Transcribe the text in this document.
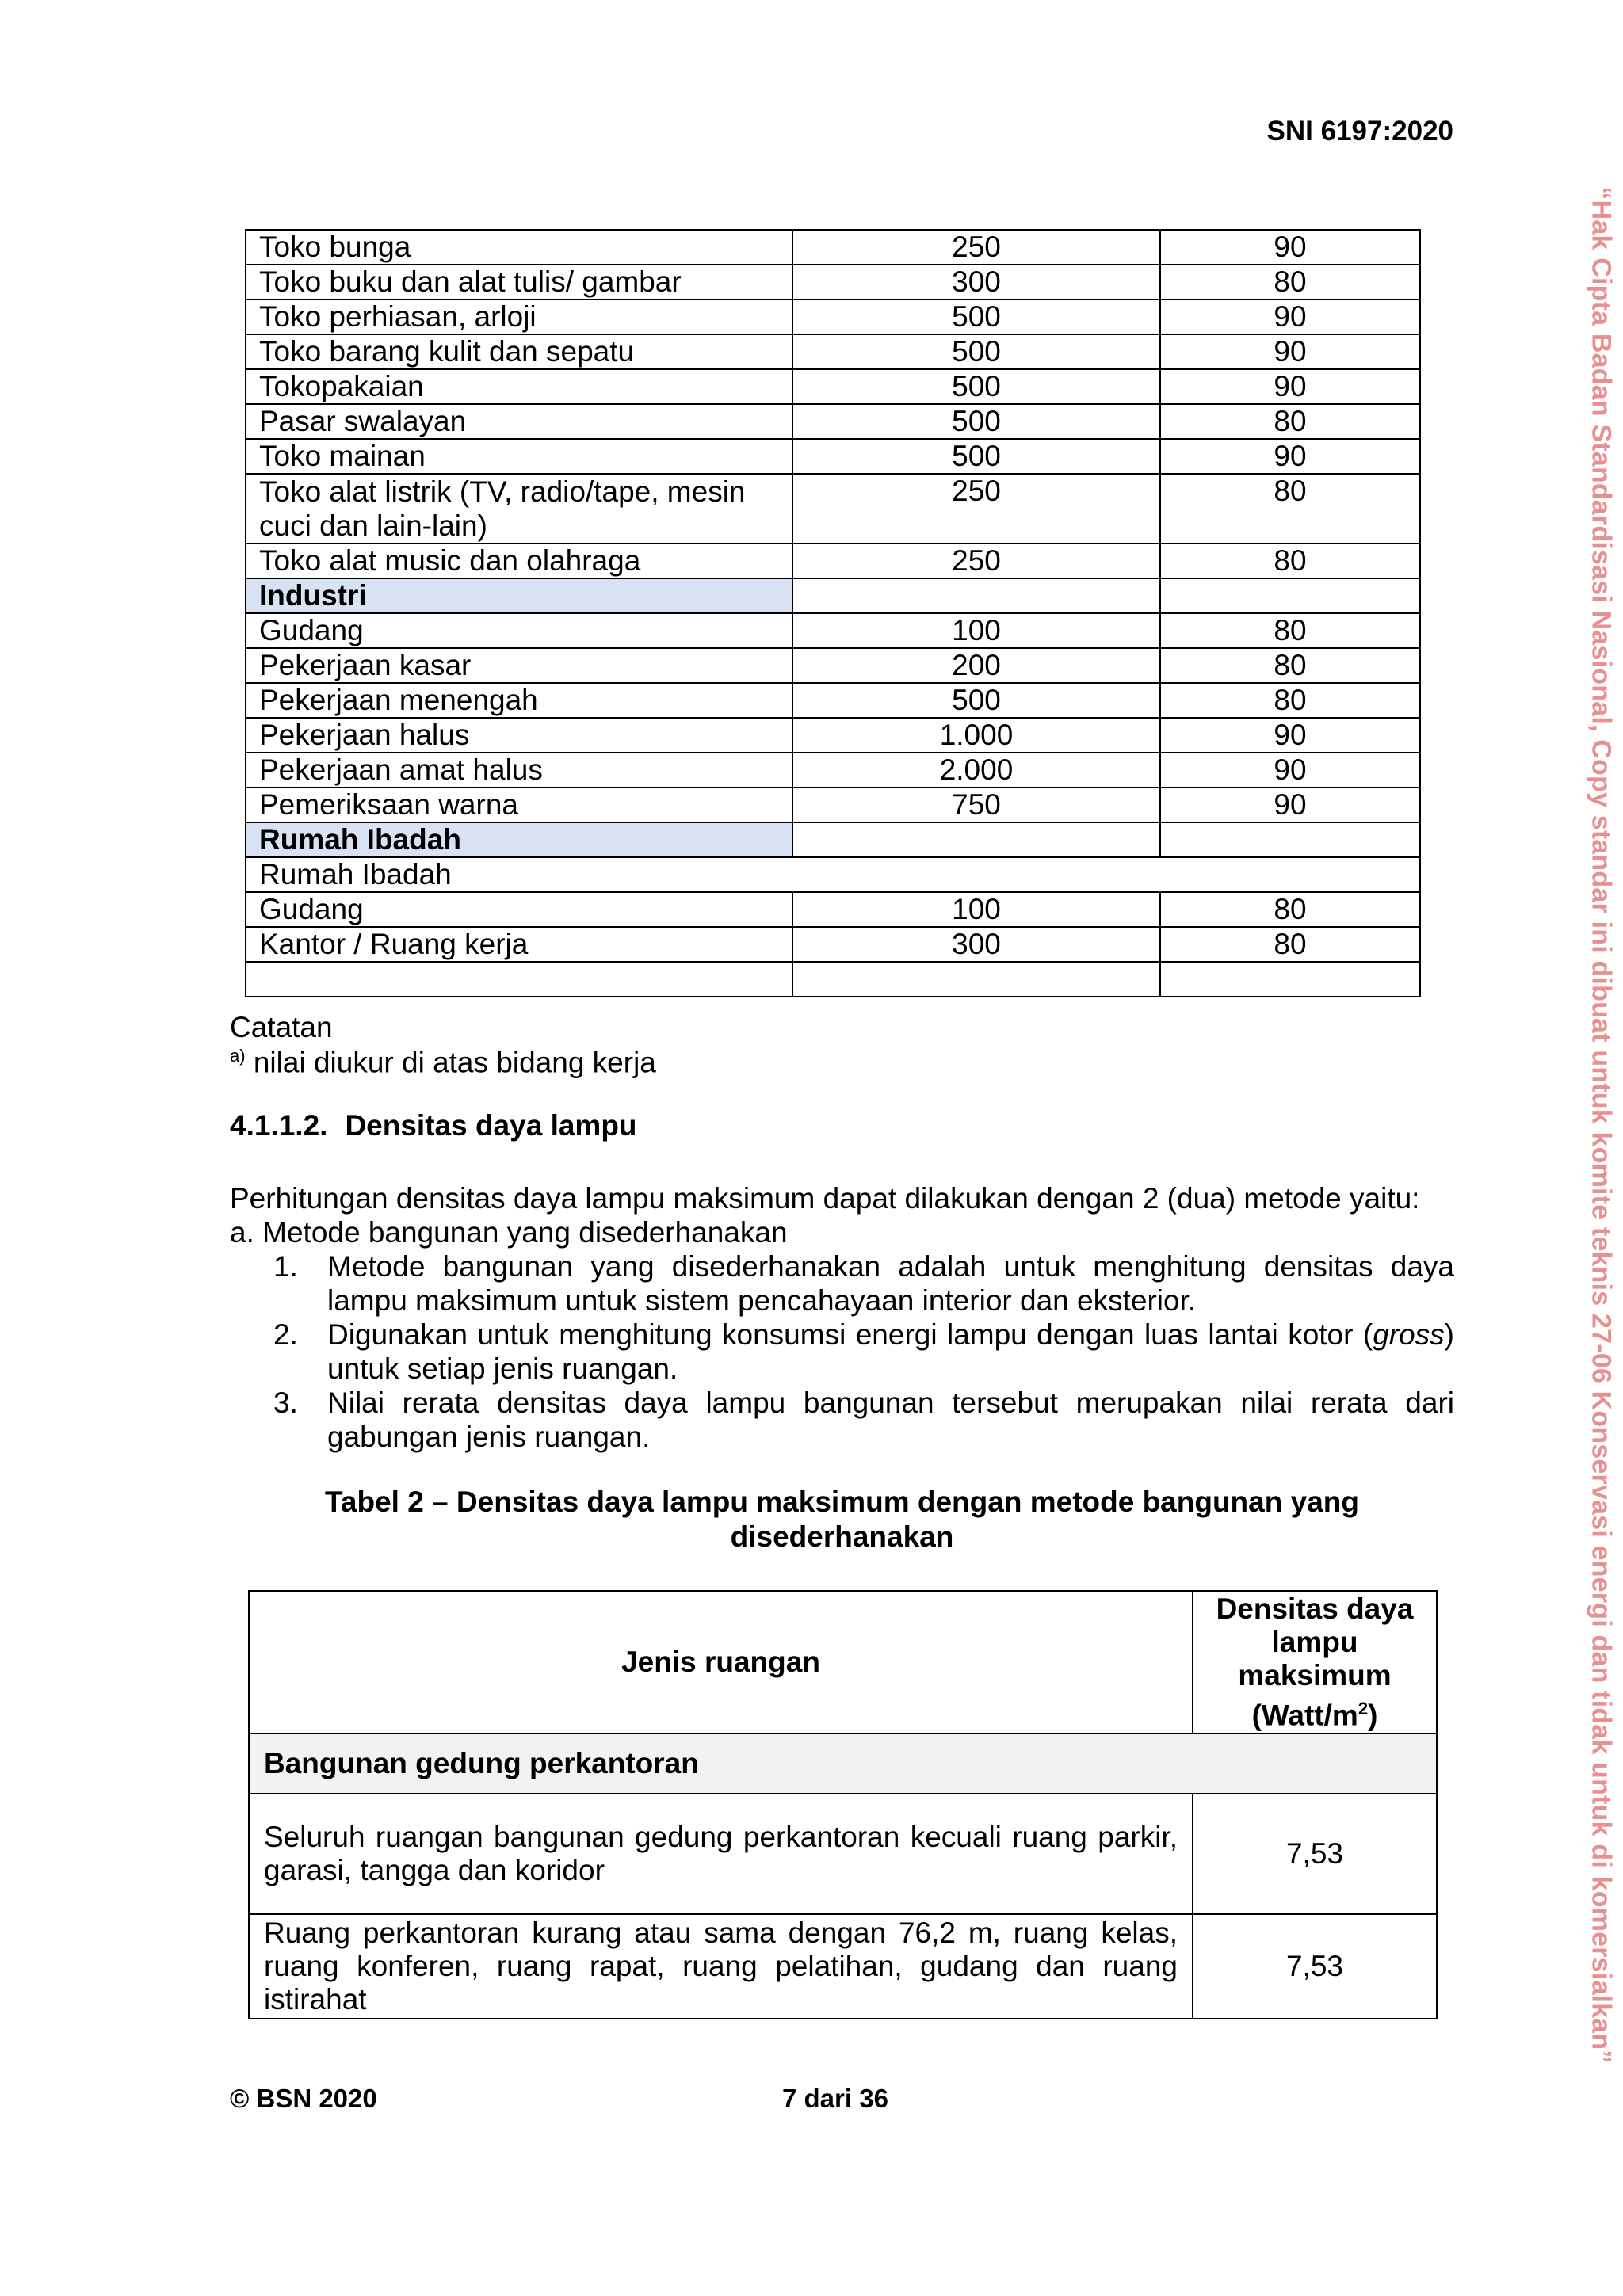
SNI 6197:2020
“Hak Cipta Badan Standardisasi Nasional, Copy standar ini dibuat untuk komite teknis 27-06 Konservasi energi dan tidak untuk di komersialkan”
Toko bunga	250	90
Toko buku dan alat tulis/ gambar	300	80
Toko perhiasan, arloji	500	90
Toko barang kulit dan sepatu	500	90
Tokopakaian	500	90
Pasar swalayan	500	80
Toko mainan	500	90
Toko alat listrik (TV, radio/tape, mesin cuci dan lain-lain)	250	80
Toko alat music dan olahraga	250	80
Industri		
Gudang	100	80
Pekerjaan kasar	200	80
Pekerjaan menengah	500	80
Pekerjaan halus	1.000	90
Pekerjaan amat halus	2.000	90
Pemeriksaan warna	750	90
Rumah Ibadah		
Rumah Ibadah		
Gudang	100	80
Kantor / Ruang kerja	300	80

Catatan
$^{a)}$ nilai diukur di atas bidang kerja
4.1.1.2. Densitas daya lampu
Perhitungan densitas daya lampu maksimum dapat dilakukan dengan 2 (dua) metode yaitu:
a. Metode bangunan yang disederhanakan
1.	Metode bangunan yang disederhanakan adalah untuk menghitung densitas daya lampu maksimum untuk sistem pencahayaan interior dan eksterior.
2.	Digunakan untuk menghitung konsumsi energi lampu dengan luas lantai kotor (gross) untuk setiap jenis ruangan.
3.	Nilai rerata densitas daya lampu bangunan tersebut merupakan nilai rerata dari gabungan jenis ruangan.
Tabel 2 – Densitas daya lampu maksimum dengan metode bangunan yang
disederhanakan
Jenis ruangan	Densitas daya
lampu
maksimum
$(Watt/m^2)$

Bangunan gedung perkantoran	
Seluruh ruangan bangunan gedung perkantoran kecuali ruang parkir, garasi, tangga dan koridor	7,53
Ruang perkantoran kurang atau sama dengan 76,2 m, ruang kelas, ruang konferen, ruang rapat, ruang pelatihan, gudang dan ruang istirahat	7,53
© BSN 2020	7 dari 36
